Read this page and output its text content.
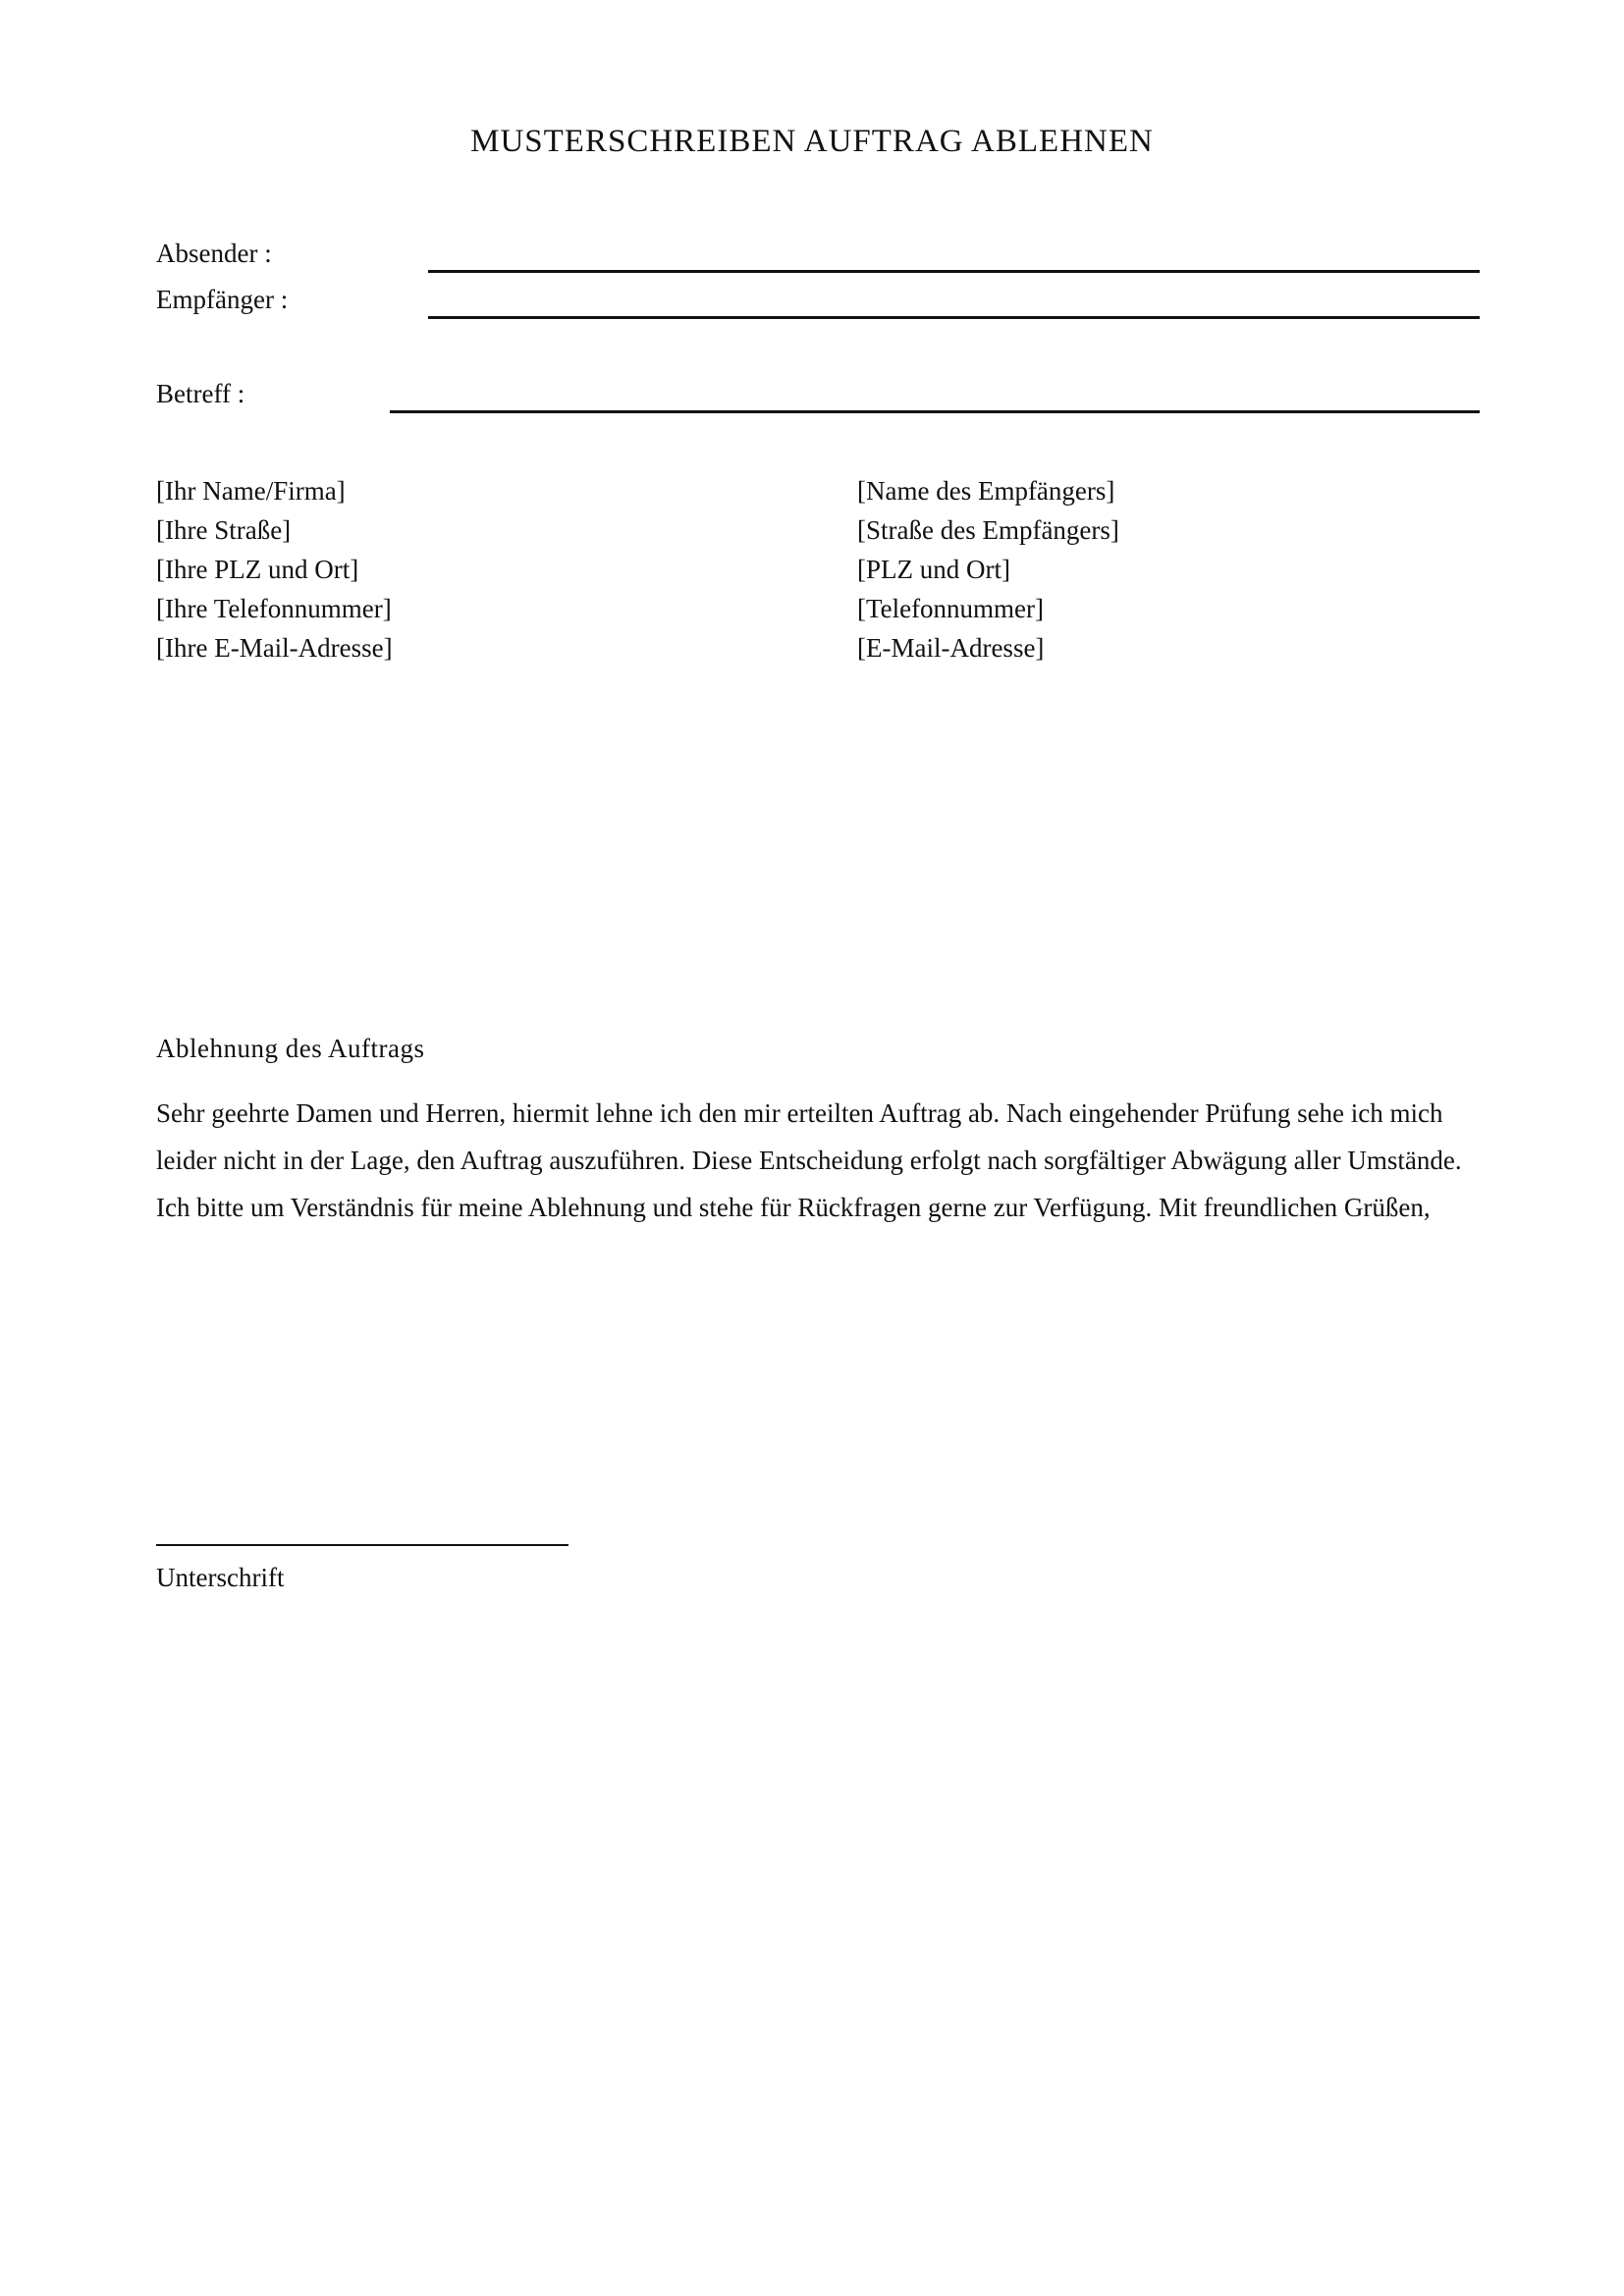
MUSTERSCHREIBEN AUFTRAG ABLEHNEN
Absender :
Empfänger :
Betreff :
[Ihr Name/Firma]
[Ihre Straße]
[Ihre PLZ und Ort]
[Ihre Telefonnummer]
[Ihre E-Mail-Adresse]
[Name des Empfängers]
[Straße des Empfängers]
[PLZ und Ort]
[Telefonnummer]
[E-Mail-Adresse]
Ablehnung des Auftrags
Sehr geehrte Damen und Herren, hiermit lehne ich den mir erteilten Auftrag ab. Nach eingehender Prüfung sehe ich mich leider nicht in der Lage, den Auftrag auszuführen. Diese Entscheidung erfolgt nach sorgfältiger Abwägung aller Umstände. Ich bitte um Verständnis für meine Ablehnung und stehe für Rückfragen gerne zur Verfügung. Mit freundlichen Grüßen,
Unterschrift
